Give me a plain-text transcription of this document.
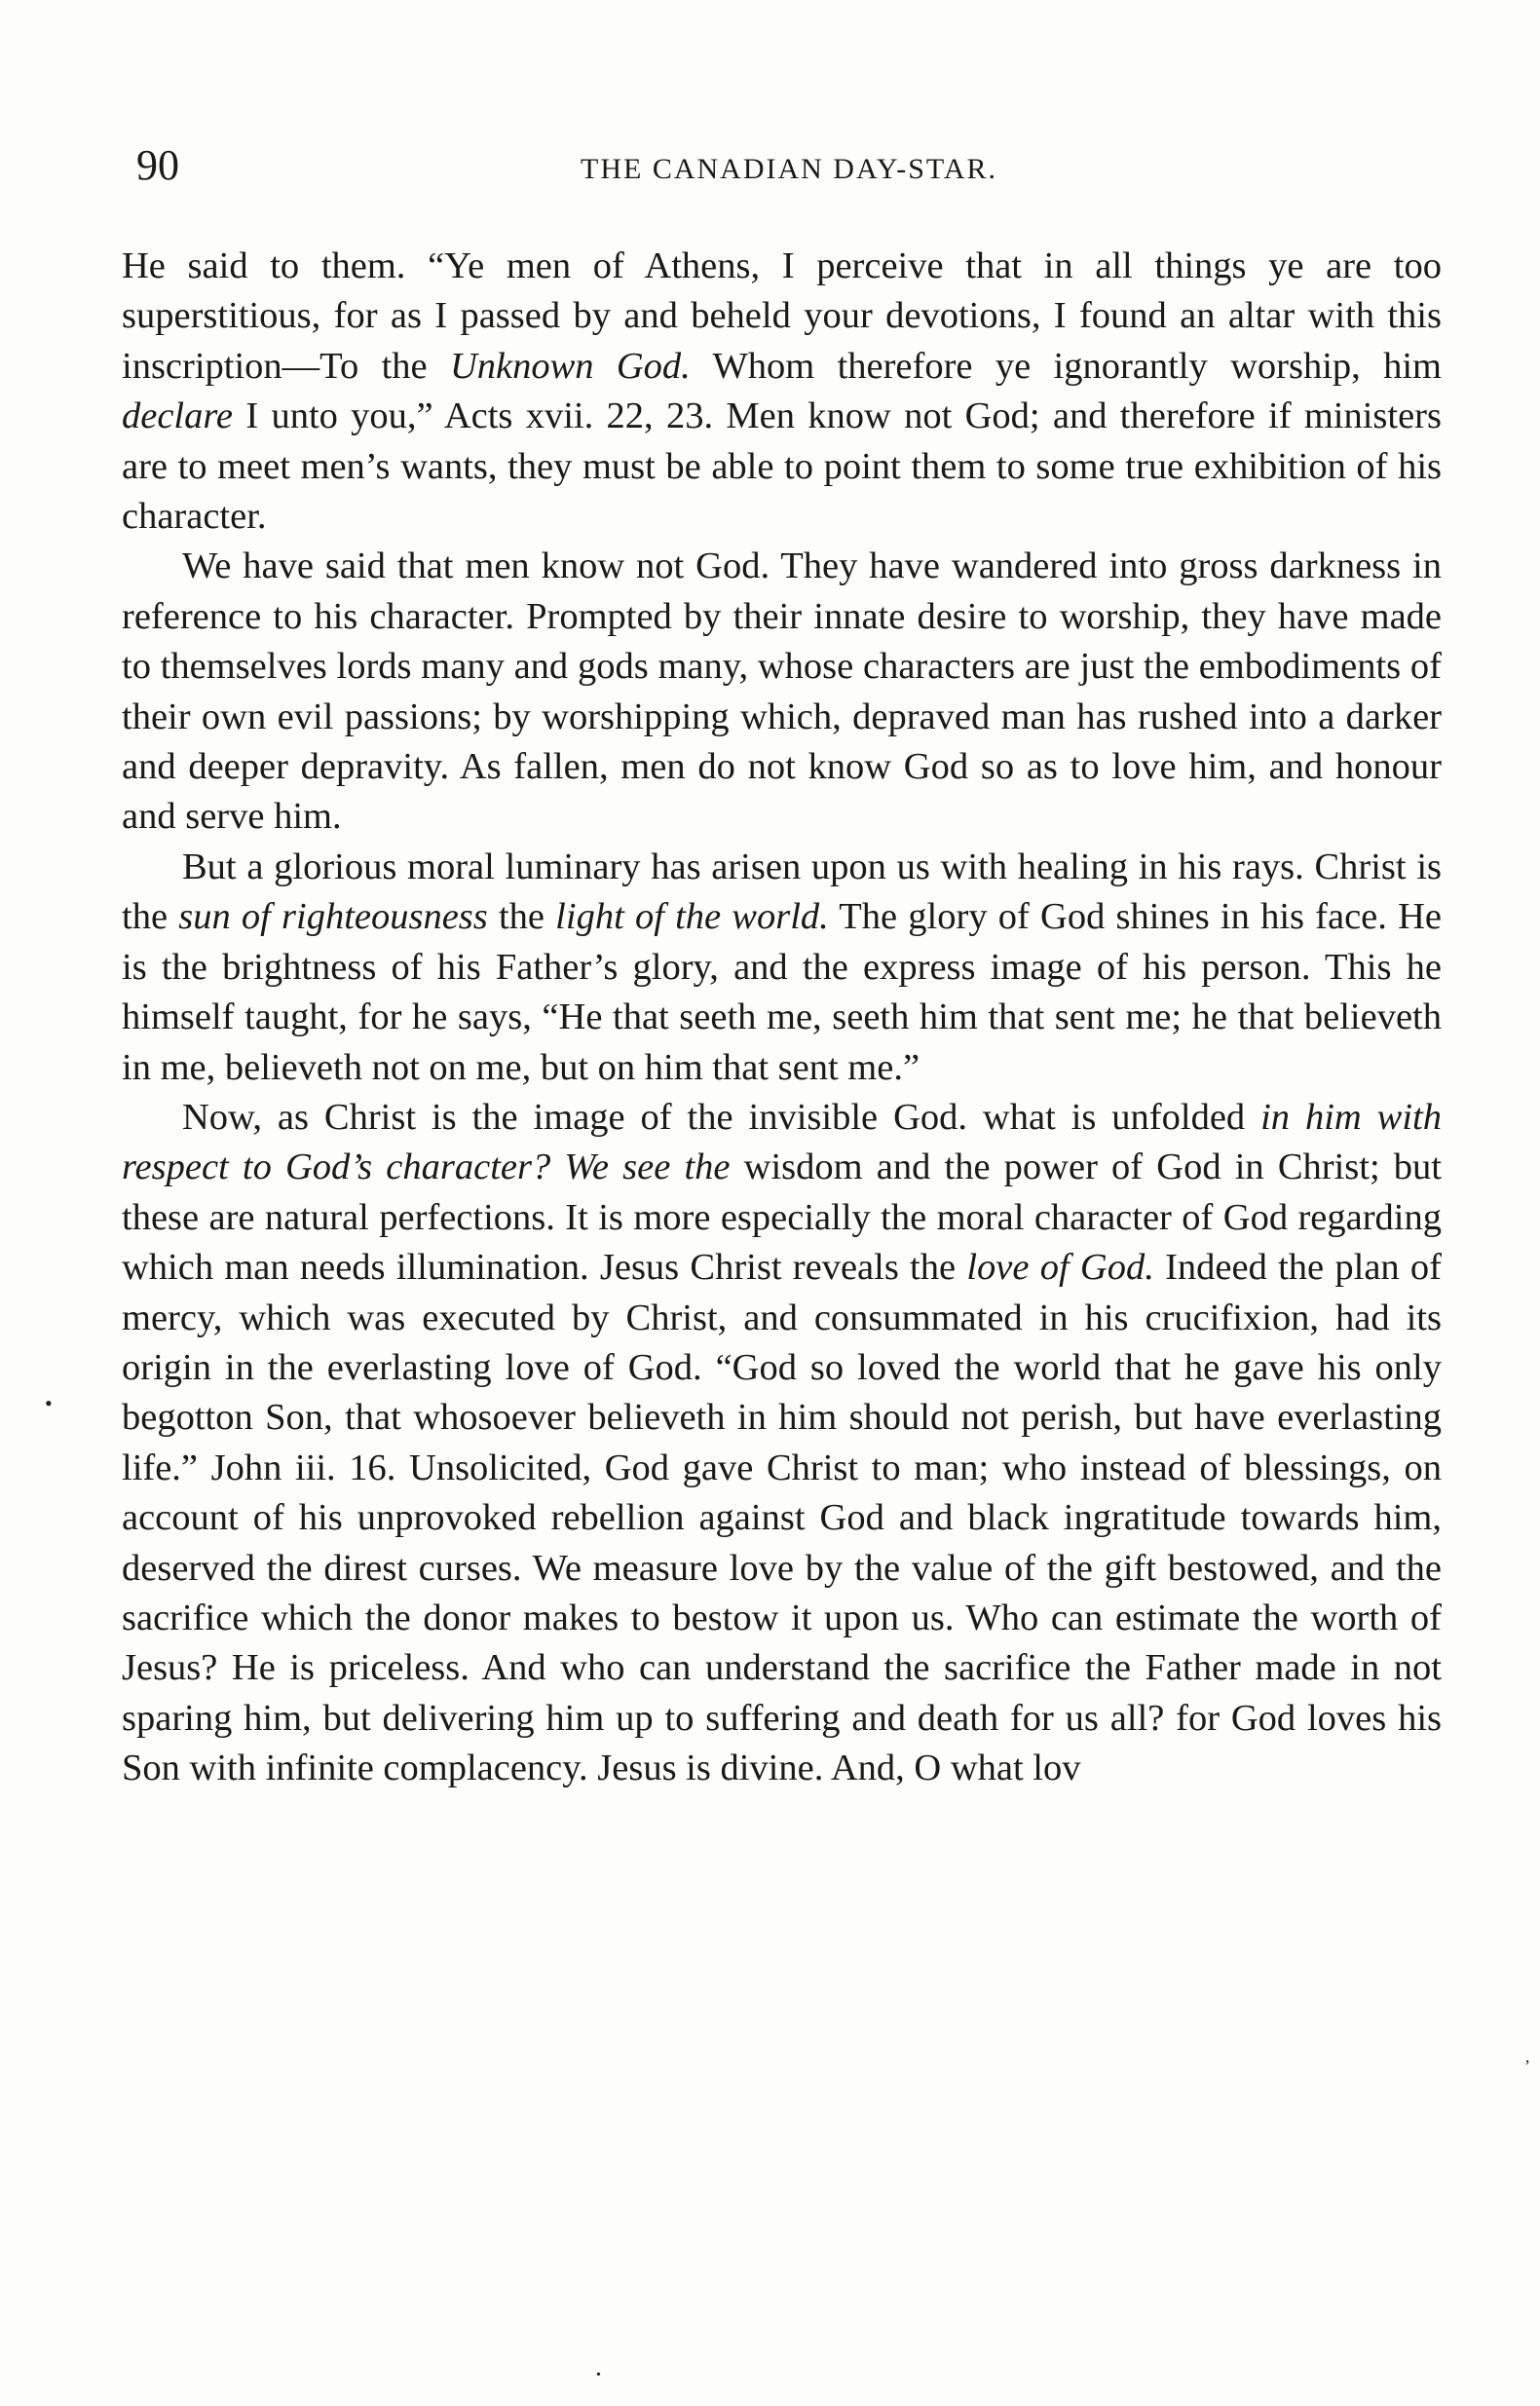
90	THE CANADIAN DAY-STAR.

He said to them. “Ye men of Athens, I perceive that in all things ye are too superstitious, for as I passed by and beheld your devotions, I found an altar with this inscription—To the Unknown God. Whom therefore ye ignorantly worship, him declare I unto you,” Acts xvii. 22, 23. Men know not God; and therefore if ministers are to meet men’s wants, they must be able to point them to some true exhibition of his character.

We have said that men know not God. They have wandered into gross darkness in reference to his character. Prompted by their innate desire to worship, they have made to themselves lords many and gods many, whose characters are just the embodiments of their own evil passions; by worshipping which, depraved man has rushed into a darker and deeper depravity. As fallen, men do not know God so as to love him, and honour and serve him.

But a glorious moral luminary has arisen upon us with healing in his rays. Christ is the sun of righteousness the light of the world. The glory of God shines in his face. He is the brightness of his Father’s glory, and the express image of his person. This he himself taught, for he says, “He that seeth me, seeth him that sent me; he that believeth in me, believeth not on me, but on him that sent me.”

Now, as Christ is the image of the invisible God. what is unfolded in him with respect to God’s character? We see the wisdom and the power of God in Christ; but these are natural perfections. It is more especially the moral character of God regarding which man needs illumination. Jesus Christ reveals the love of God. Indeed the plan of mercy, which was executed by Christ, and consummated in his crucifixion, had its origin in the everlasting love of God. “God so loved the world that he gave his only begotton Son, that whosoever believeth in him should not perish, but have everlasting life.” John iii. 16. Unsolicited, God gave Christ to man; who instead of blessings, on account of his unprovoked rebellion against God and black ingratitude towards him, deserved the direst curses. We measure love by the value of the gift bestowed, and the sacrifice which the donor makes to bestow it upon us. Who can estimate the worth of Jesus? He is priceless. And who can understand the sacrifice the Father made in not sparing him, but delivering him up to suffering and death for us all? for God loves his Son with infinite complacency. Jesus is divine. And, O what lov

•
ʼ
•
